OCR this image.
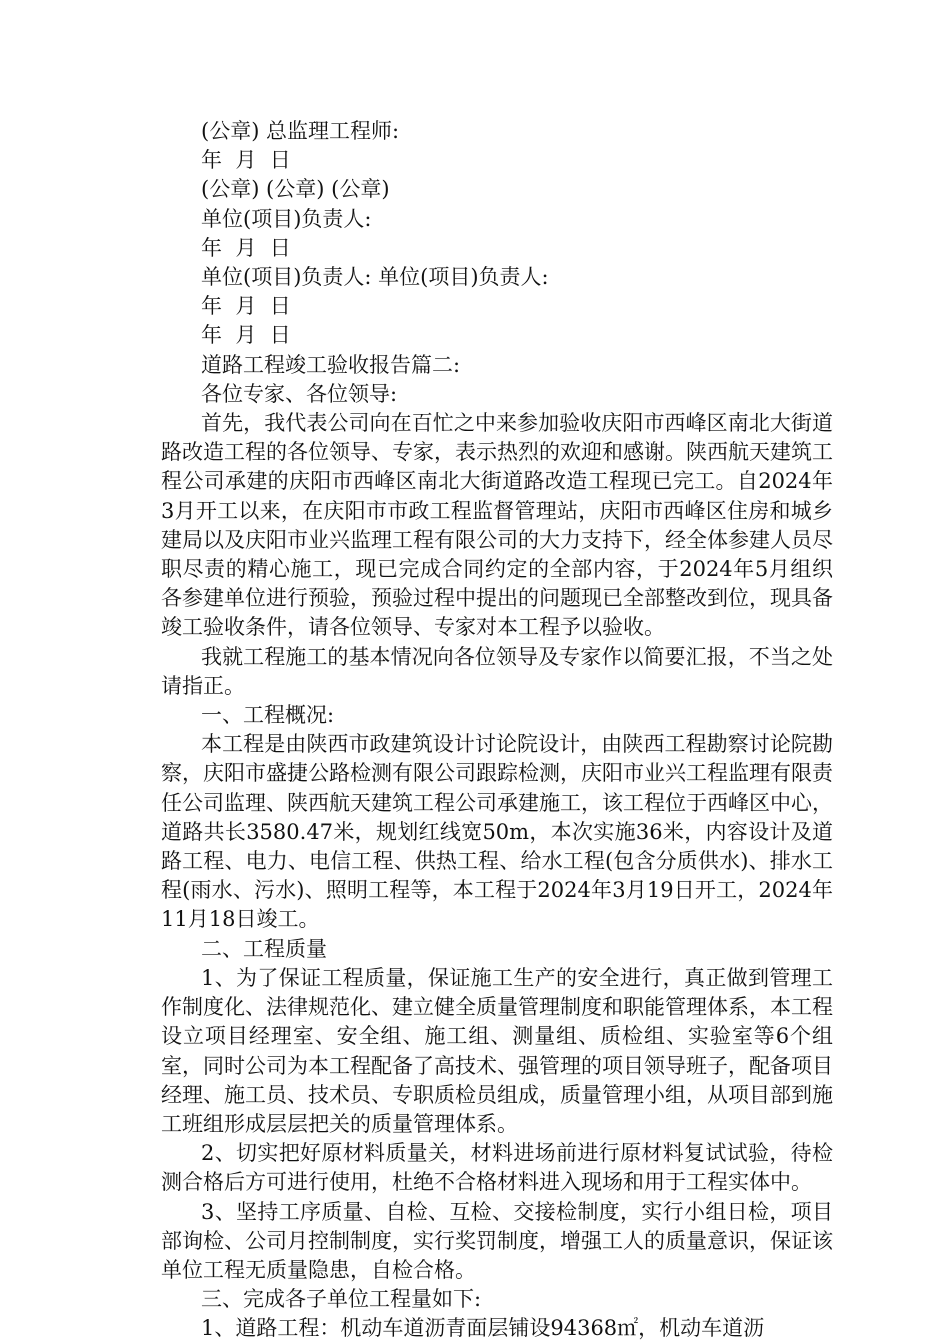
(公章) 总监理工程师:

年  月  日

(公章) (公章) (公章)

单位(项目)负责人:

年  月  日

单位(项目)负责人: 单位(项目)负责人:

年  月  日

年  月  日

道路工程竣工验收报告篇二:

各位专家、各位领导:

首先，我代表公司向在百忙之中来参加验收庆阳市西峰区南北大街道路改造工程的各位领导、专家，表示热烈的欢迎和感谢。陕西航天建筑工程公司承建的庆阳市西峰区南北大街道路改造工程现已完工。自2024年3月开工以来，在庆阳市市政工程监督管理站，庆阳市西峰区住房和城乡建局以及庆阳市业兴监理工程有限公司的大力支持下，经全体参建人员尽职尽责的精心施工，现已完成合同约定的全部内容，于2024年5月组织各参建单位进行预验，预验过程中提出的问题现已全部整改到位，现具备竣工验收条件，请各位领导、专家对本工程予以验收。

我就工程施工的基本情况向各位领导及专家作以简要汇报，不当之处请指正。

一、工程概况:

本工程是由陕西市政建筑设计讨论院设计，由陕西工程勘察讨论院勘察，庆阳市盛捷公路检测有限公司跟踪检测，庆阳市业兴工程监理有限责任公司监理、陕西航天建筑工程公司承建施工，该工程位于西峰区中心，道路共长3580.47米，规划红线宽50m，本次实施36米，内容设计及道路工程、电力、电信工程、供热工程、给水工程(包含分质供水)、排水工程(雨水、污水)、照明工程等，本工程于2024年3月19日开工，2024年11月18日竣工。

二、工程质量

1、为了保证工程质量，保证施工生产的安全进行，真正做到管理工作制度化、法律规范化、建立健全质量管理制度和职能管理体系，本工程设立项目经理室、安全组、施工组、测量组、质检组、实验室等6个组室，同时公司为本工程配备了高技术、强管理的项目领导班子，配备项目经理、施工员、技术员、专职质检员组成，质量管理小组，从项目部到施工班组形成层层把关的质量管理体系。

2、切实把好原材料质量关，材料进场前进行原材料复试试验，待检测合格后方可进行使用，杜绝不合格材料进入现场和用于工程实体中。

3、坚持工序质量、自检、互检、交接检制度，实行小组日检，项目部询检、公司月控制制度，实行奖罚制度，增强工人的质量意识，保证该单位工程无质量隐患，自检合格。

三、完成各子单位工程量如下:

1、道路工程：机动车道沥青面层铺设94368㎡，机动车道沥
